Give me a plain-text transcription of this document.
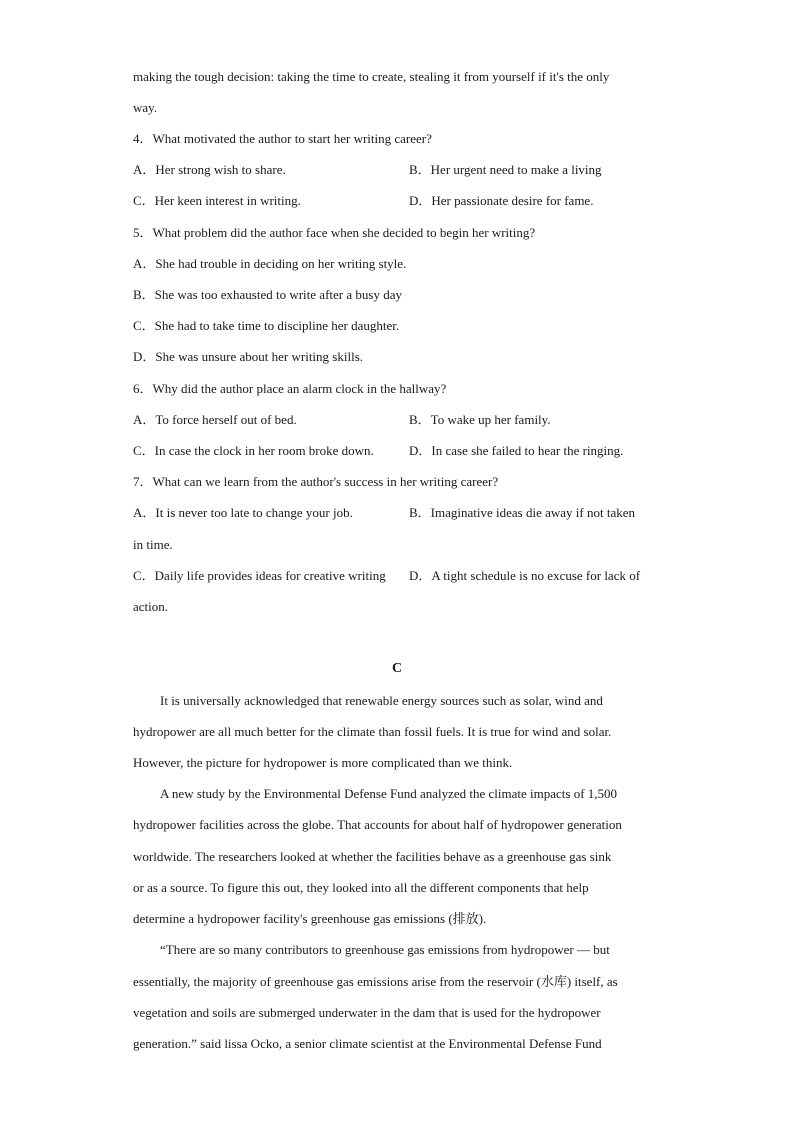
making the tough decision: taking the time to create, stealing it from yourself if it's the only
way.
4．What motivated the author to start her writing career?
A．Her strong wish to share.	B．Her urgent need to make a living
C．Her keen interest in writing.	D．Her passionate desire for fame.
5．What problem did the author face when she decided to begin her writing?
A．She had trouble in deciding on her writing style.
B．She was too exhausted to write after a busy day
C．She had to take time to discipline her daughter.
D．She was unsure about her writing skills.
6．Why did the author place an alarm clock in the hallway?
A．To force herself out of bed.	B．To wake up her family.
C．In case the clock in her room broke down.	D．In case she failed to hear the ringing.
7．What can we learn from the author's success in her writing career?
A．It is never too late to change your job.	B．Imaginative ideas die away if not taken
in time.
C．Daily life provides ideas for creative writing	D．A tight schedule is no excuse for lack of
action.
C
It is universally acknowledged that renewable energy sources such as solar, wind and
hydropower are all much better for the climate than fossil fuels. It is true for wind and solar.
However, the picture for hydropower is more complicated than we think.
A new study by the Environmental Defense Fund analyzed the climate impacts of 1,500
hydropower facilities across the globe. That accounts for about half of hydropower generation
worldwide. The researchers looked at whether the facilities behave as a greenhouse gas sink
or as a source. To figure this out, they looked into all the different components that help
determine a hydropower facility's greenhouse gas emissions (排放).
“There are so many contributors to greenhouse gas emissions from hydropower — but
essentially, the majority of greenhouse gas emissions arise from the reservoir (水库) itself, as
vegetation and soils are submerged underwater in the dam that is used for the hydropower
generation.” said lissa Ocko, a senior climate scientist at the Environmental Defense Fund
